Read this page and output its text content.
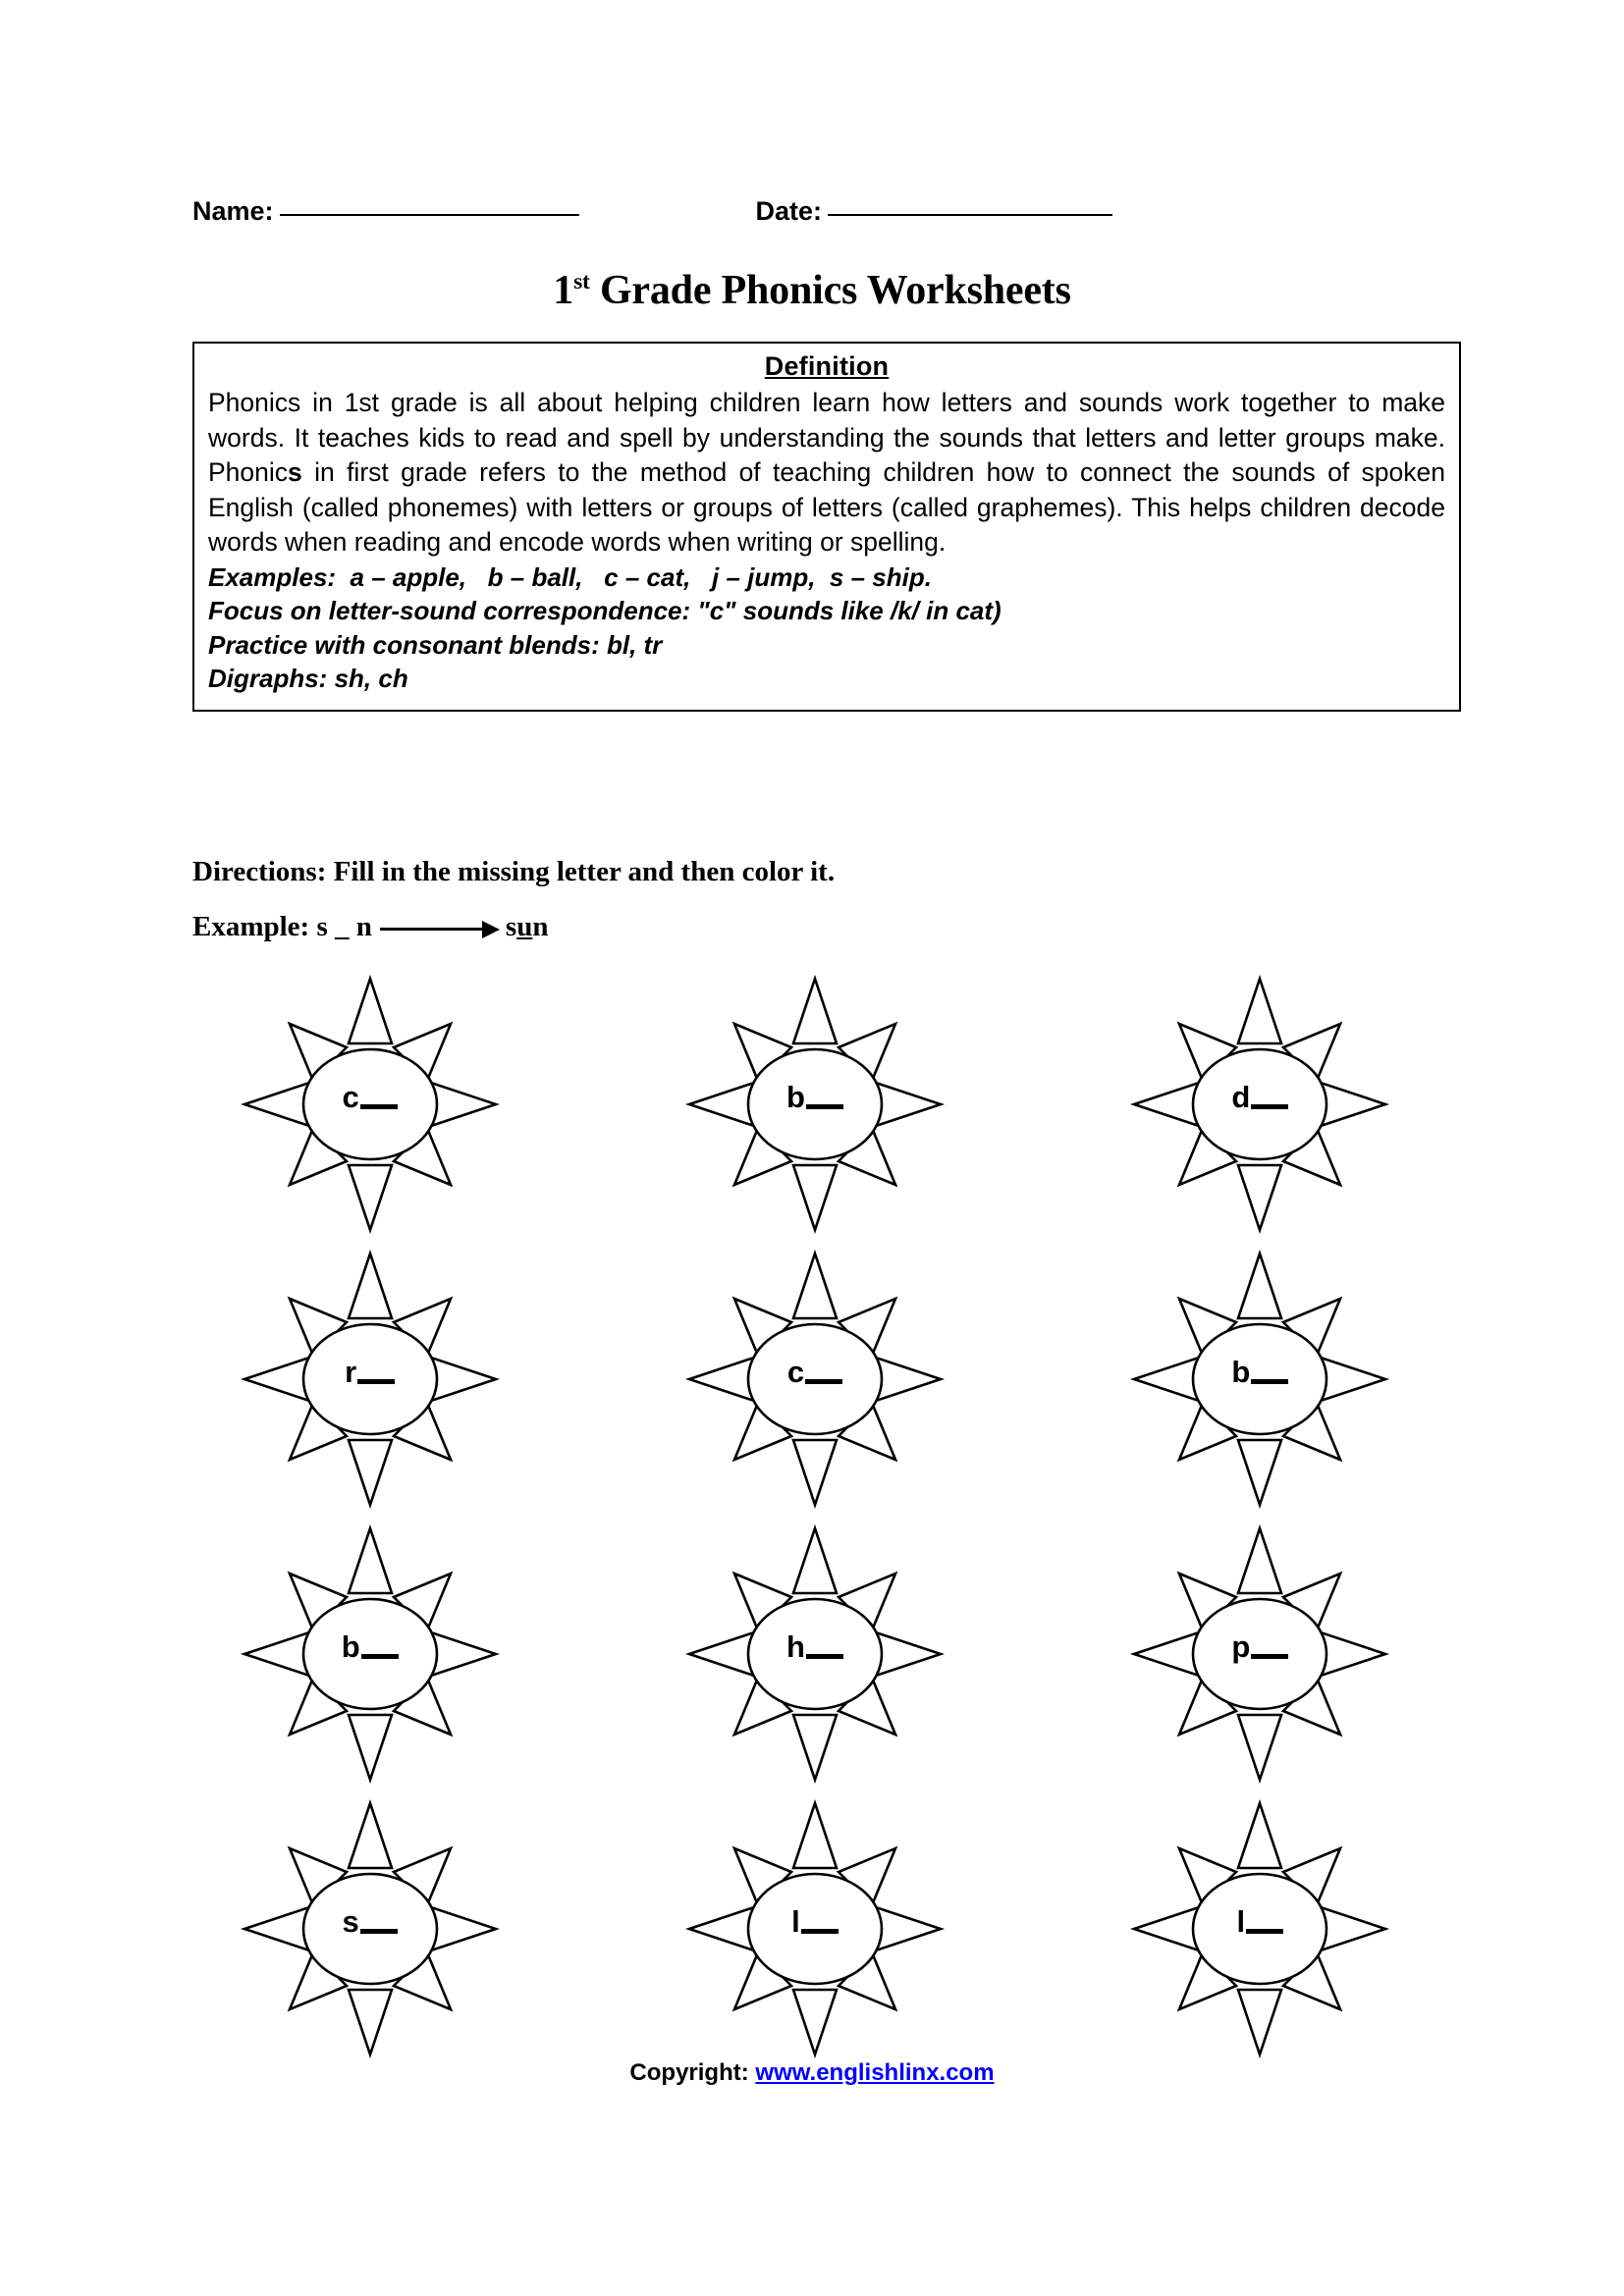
Name:	Date:
1st Grade Phonics Worksheets
Definition
Phonics in 1st grade is all about helping children learn how letters and sounds work together to make words. It teaches kids to read and spell by understanding the sounds that letters and letter groups make. Phonics in first grade refers to the method of teaching children how to connect the sounds of spoken English (called phonemes) with letters or groups of letters (called graphemes). This helps children decode words when reading and encode words when writing or spelling.
Examples:  a – apple,   b – ball,   c – cat,   j – jump,  s – ship.
Focus on letter-sound correspondence: "c" sounds like /k/ in cat)
Practice with consonant blends: bl, tr
Digraphs: sh, ch
Directions: Fill in the missing letter and then color it.
Example:
s _ n	sun
c	b	d
r	c	b
b	h	p
s	l	l
Copyright: www.englishlinx.com
